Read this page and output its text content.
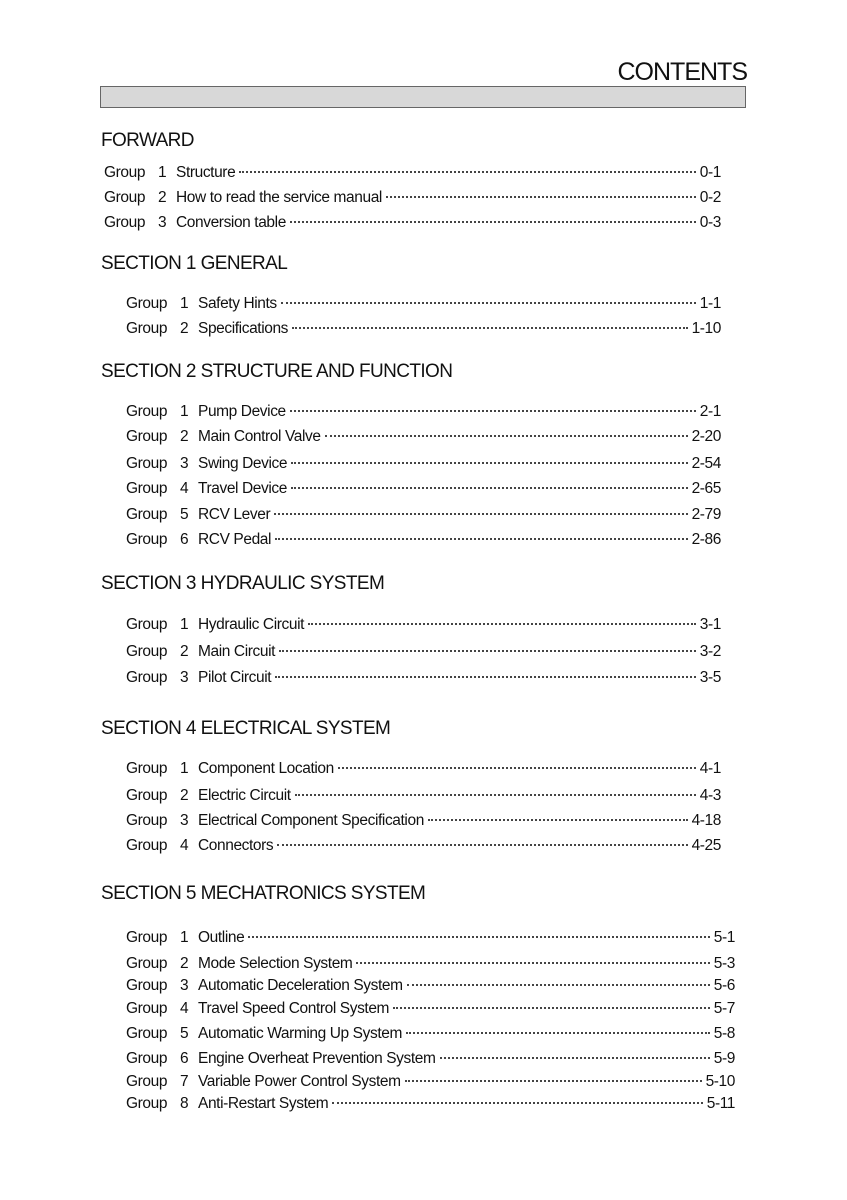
CONTENTS
FORWARD
Group 1 Structure	0-1
Group 2 How to read the service manual	0-2
Group 3 Conversion table	0-3
SECTION 1 GENERAL
Group 1 Safety Hints	1-1
Group 2 Specifications	1-10
SECTION 2 STRUCTURE AND FUNCTION
Group 1 Pump Device	2-1
Group 2 Main Control Valve	2-20
Group 3 Swing Device	2-54
Group 4 Travel Device	2-65
Group 5 RCV Lever	2-79
Group 6 RCV Pedal	2-86
SECTION 3 HYDRAULIC SYSTEM
Group 1 Hydraulic Circuit	3-1
Group 2 Main Circuit	3-2
Group 3 Pilot Circuit	3-5
SECTION 4 ELECTRICAL SYSTEM
Group 1 Component Location	4-1
Group 2 Electric Circuit	4-3
Group 3 Electrical Component Specification	4-18
Group 4 Connectors	4-25
SECTION 5 MECHATRONICS SYSTEM
Group 1 Outline	5-1
Group 2 Mode Selection System	5-3
Group 3 Automatic Deceleration System	5-6
Group 4 Travel Speed Control System	5-7
Group 5 Automatic Warming Up System	5-8
Group 6 Engine Overheat Prevention System	5-9
Group 7 Variable Power Control System	5-10
Group 8 Anti-Restart System	5-11
